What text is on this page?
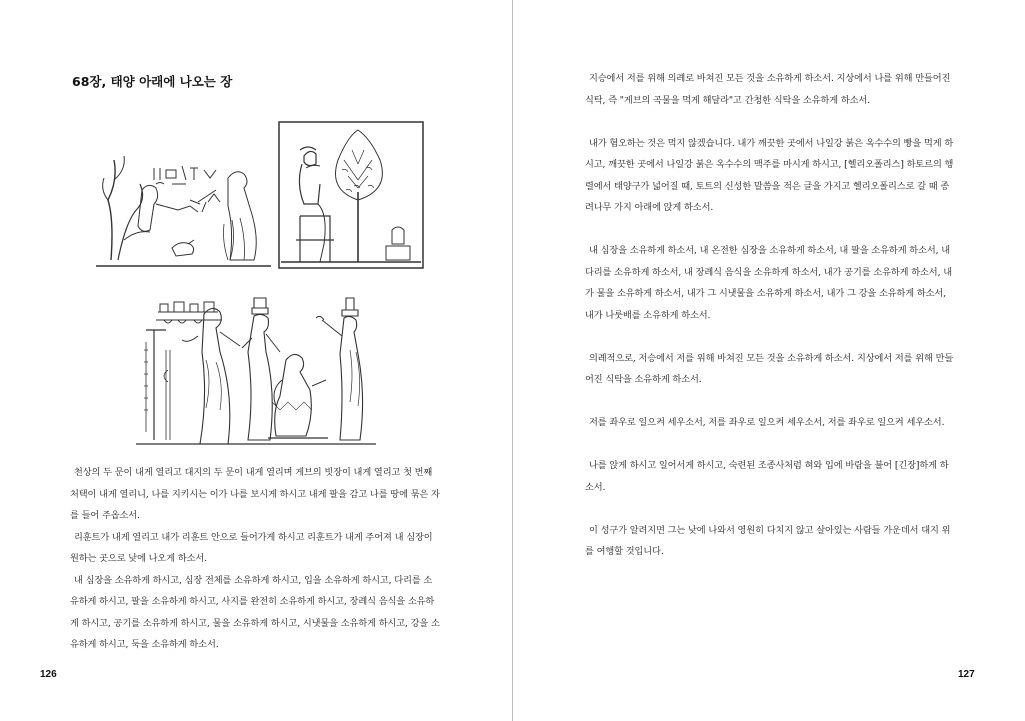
68장, 태양 아래에 나오는 장

천상의 두 문이 내게 열리고 대지의 두 문이 내게 열리며 게브의 빗장이 내게 열리고 첫 번째 처택이 내게 열리니, 나를 지키시는 이가 나를 보시게 하시고 내게 팔을 감고 나를 땅에 묶은 자를 들어 주옵소서.

리훈트가 내게 열리고 내가 리훈트 안으로 들어가게 하시고 리훈트가 내게 주어져 내 심장이 원하는 곳으로 낮에 나오게 하소서.

내 심장을 소유하게 하시고, 심장 전체를 소유하게 하시고, 입을 소유하게 하시고, 다리를 소유하게 하시고, 팔을 소유하게 하시고, 사지를 완전히 소유하게 하시고, 장례식 음식을 소유하게 하시고, 공기를 소유하게 하시고, 물을 소유하게 하시고, 시냇물을 소유하게 하시고, 강을 소유하게 하시고, 둑을 소유하게 하소서.

126

지승에서 저를 위해 의례로 바쳐진 모든 것을 소유하게 하소서. 지상에서 나를 위해 만들어진 식탁, 즉 "게브의 곡물을 먹게 해달라"고 간청한 식탁을 소유하게 하소서.

내가 혐오하는 것은 먹지 않겠습니다. 내가 깨끗한 곳에서 나일강 붉은 옥수수의 빵을 먹게 하시고, 깨끗한 곳에서 나일강 붉은 옥수수의 맥주를 마시게 하시고, [헬리오폴리스] 하토르의 행렬에서 태양구가 넓어질 때, 토트의 신성한 말씀을 적은 글을 가지고 헬리오폴리스로 갈 때 종려나무 가지 아래에 앉게 하소서.

내 심장을 소유하게 하소서, 내 온전한 심장을 소유하게 하소서, 내 팔을 소유하게 하소서, 내 다리를 소유하게 하소서, 내 장례식 음식을 소유하게 하소서, 내가 공기를 소유하게 하소서, 내가 물을 소유하게 하소서, 내가 그 시냇물을 소유하게 하소서, 내가 그 강을 소유하게 하소서, 내가 나룻배를 소유하게 하소서.

의례적으로, 저승에서 저를 위해 바쳐진 모든 것을 소유하게 하소서. 지상에서 저를 위해 만들어진 식탁을 소유하게 하소서.

저를 좌우로 일으켜 세우소서, 저를 좌우로 일으켜 세우소서, 저를 좌우로 일으켜 세우소서.

나를 앉게 하시고 일어서게 하시고, 숙련된 조종사처럼 혀와 입에 바람을 불어 [긴장]하게 하소서.

이 성구가 알려지면 그는 낮에 나와서 영원히 다치지 않고 살아있는 사람들 가운데서 대지 위를 여행할 것입니다.

127
